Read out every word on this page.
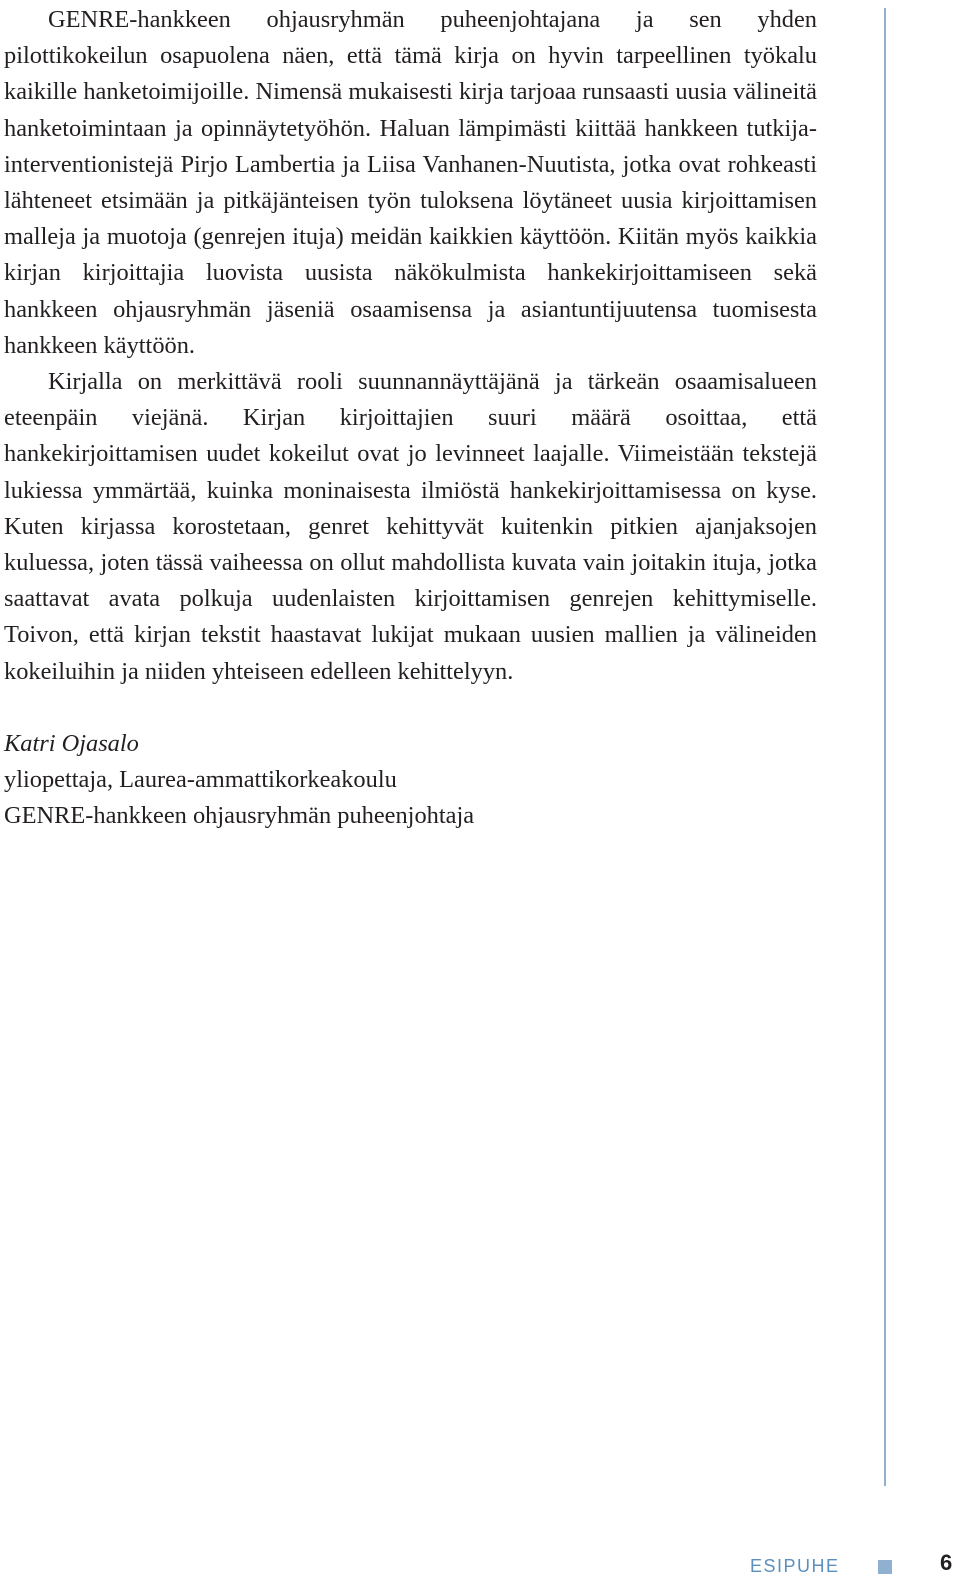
GENRE-hankkeen ohjausryhmän puheenjohtajana ja sen yhden pilottikokeilun osapuolena näen, että tämä kirja on hyvin tarpeellinen työkalu kaikille hanketoimijoille. Nimensä mukaisesti kirja tarjoaa runsaasti uusia välineitä hanketoimintaan ja opinnäytetyöhön. Haluan lämpimästi kiittää hankkeen tutkija-interventionistejä Pirjo Lambertia ja Liisa Vanhanen-Nuutista, jotka ovat rohkeasti lähteneet etsimään ja pitkäjänteisen työn tuloksena löytäneet uusia kirjoittamisen malleja ja muotoja (genrejen ituja) meidän kaikkien käyttöön. Kiitän myös kaikkia kirjan kirjoittajia luovista uusista näkökulmista hankekirjoittamiseen sekä hankkeen ohjausryhmän jäseniä osaamisensa ja asiantuntijuutensa tuomisesta hankkeen käyttöön.

Kirjalla on merkittävä rooli suunnannäyttäjänä ja tärkeän osaamisalueen eteenpäin viejänä. Kirjan kirjoittajien suuri määrä osoittaa, että hankekirjoittamisen uudet kokeilut ovat jo levinneet laajalle. Viimeistään tekstejä lukiessa ymmärtää, kuinka moninaisesta ilmiöstä hankekirjoittamisessa on kyse. Kuten kirjassa korostetaan, genret kehittyvät kuitenkin pitkien ajanjaksojen kuluessa, joten tässä vaiheessa on ollut mahdollista kuvata vain joitakin ituja, jotka saattavat avata polkuja uudenlaisten kirjoittamisen genrejen kehittymiselle. Toivon, että kirjan tekstit haastavat lukijat mukaan uusien mallien ja välineiden kokeiluihin ja niiden yhteiseen edelleen kehittelyyn.

Katri Ojasalo
yliopettaja, Laurea-ammattikorkeakoulu
GENRE-hankkeen ohjausryhmän puheenjohtaja
ESIPUHE	6
